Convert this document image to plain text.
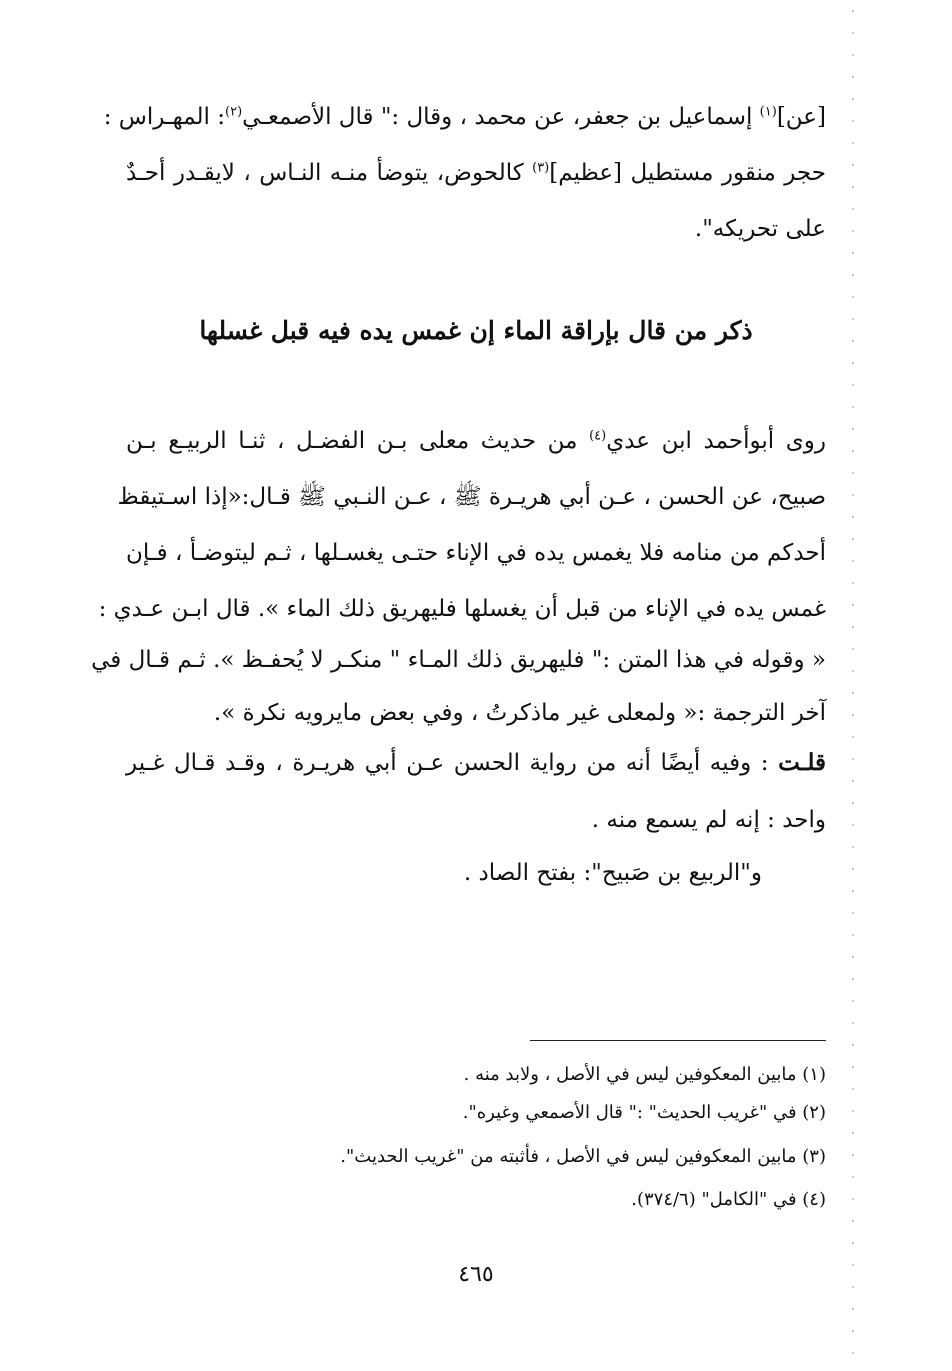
[عن]$^{(١)}$ إسماعيل بن جعفر، عن محمد ، وقال :" قال الأصمعـي$^{(٢)}$: المهـراس :
حجر منقور مستطيل [عظيم]$^{(٣)}$ كالحوض، يتوضأ منـه النـاس ، لايقـدر أحـدٌ
على تحريكه".
ذكر من قال بإراقة الماء إن غمس يده فيه قبل غسلها
روى أبوأحمد ابن عدي$^{(٤)}$ من حديث معلى بـن الفضـل ، ثنـا الربيـع بـن
صبيح، عن الحسن ، عـن أبي هريـرة ﷺ ، عـن النـبي ﷺ قـال:«إذا اسـتيقظ
أحدكم من منامه فلا يغمس يده في الإناء حتـى يغسـلها ، ثـم ليتوضـأ ، فـإن
غمس يده في الإناء من قبل أن يغسلها فليهريق ذلك الماء ». قال ابـن عـدي :
« وقوله في هذا المتن :" فليهريق ذلك المـاء " منكـر لا يُحفـظ ». ثـم قـال في
آخر الترجمة :« ولمعلى غير ماذكرتُ ، وفي بعض مايرويه نكرة ».
قلـت : وفيه أيضًا أنه من رواية الحسن عـن أبي هريـرة ، وقـد قـال غـير
واحد : إنه لم يسمع منه .
و"الربيع بن صَبيح": بفتح الصاد .
(١) مابين المعكوفين ليس في الأصل ، ولابد منه .
(٢) في "غريب الحديث" :" قال الأصمعي وغيره".
(٣) مابين المعكوفين ليس في الأصل ، فأثبته من "غريب الحديث".
(٤) في "الكامل" (٣٧٤/٦).
٤٦٥
